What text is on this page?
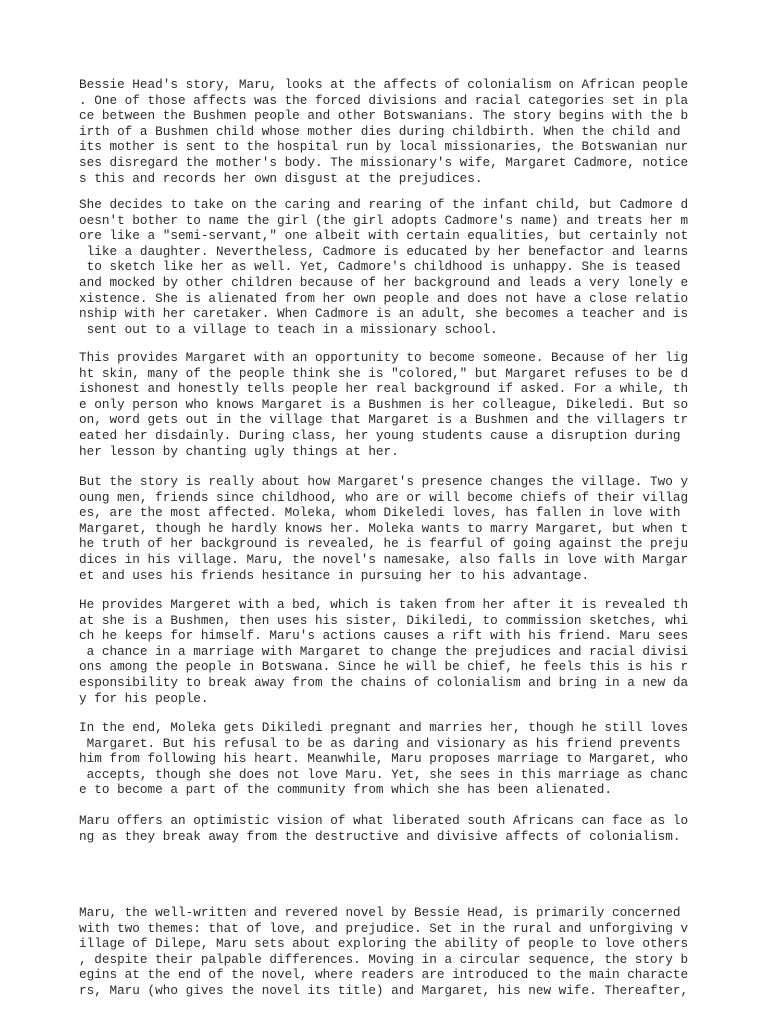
Bessie Head's story, Maru, looks at the affects of colonialism on African people
. One of those affects was the forced divisions and racial categories set in pla
ce between the Bushmen people and other Botswanians. The story begins with the b
irth of a Bushmen child whose mother dies during childbirth. When the child and
its mother is sent to the hospital run by local missionaries, the Botswanian nur
ses disregard the mother's body. The missionary's wife, Margaret Cadmore, notice
s this and records her own disgust at the prejudices.
She decides to take on the caring and rearing of the infant child, but Cadmore d
oesn't bother to name the girl (the girl adopts Cadmore's name) and treats her m
ore like a "semi-servant," one albeit with certain equalities, but certainly not
like a daughter. Nevertheless, Cadmore is educated by her benefactor and learns
to sketch like her as well. Yet, Cadmore's childhood is unhappy. She is teased
and mocked by other children because of her background and leads a very lonely e
xistence. She is alienated from her own people and does not have a close relatio
nship with her caretaker. When Cadmore is an adult, she becomes a teacher and is
sent out to a village to teach in a missionary school.
This provides Margaret with an opportunity to become someone. Because of her lig
ht skin, many of the people think she is "colored," but Margaret refuses to be d
ishonest and honestly tells people her real background if asked. For a while, th
e only person who knows Margaret is a Bushmen is her colleague, Dikeledi. But so
on, word gets out in the village that Margaret is a Bushmen and the villagers tr
eated her disdainly. During class, her young students cause a disruption during
her lesson by chanting ugly things at her.
But the story is really about how Margaret's presence changes the village. Two y
oung men, friends since childhood, who are or will become chiefs of their villag
es, are the most affected. Moleka, whom Dikeledi loves, has fallen in love with
Margaret, though he hardly knows her. Moleka wants to marry Margaret, but when t
he truth of her background is revealed, he is fearful of going against the preju
dices in his village. Maru, the novel's namesake, also falls in love with Margar
et and uses his friends hesitance in pursuing her to his advantage.
He provides Margeret with a bed, which is taken from her after it is revealed th
at she is a Bushmen, then uses his sister, Dikiledi, to commission sketches, whi
ch he keeps for himself. Maru's actions causes a rift with his friend. Maru sees
a chance in a marriage with Margaret to change the prejudices and racial divisi
ons among the people in Botswana. Since he will be chief, he feels this is his r
esponsibility to break away from the chains of colonialism and bring in a new da
y for his people.
In the end, Moleka gets Dikiledi pregnant and marries her, though he still loves
Margaret. But his refusal to be as daring and visionary as his friend prevents
him from following his heart. Meanwhile, Maru proposes marriage to Margaret, who
accepts, though she does not love Maru. Yet, she sees in this marriage as chanc
e to become a part of the community from which she has been alienated.
Maru offers an optimistic vision of what liberated south Africans can face as lo
ng as they break away from the destructive and divisive affects of colonialism.
Maru, the well-written and revered novel by Bessie Head, is primarily concerned
with two themes: that of love, and prejudice. Set in the rural and unforgiving v
illage of Dilepe, Maru sets about exploring the ability of people to love others
, despite their palpable differences. Moving in a circular sequence, the story b
egins at the end of the novel, where readers are introduced to the main characte
rs, Maru (who gives the novel its title) and Margaret, his new wife. Thereafter,
